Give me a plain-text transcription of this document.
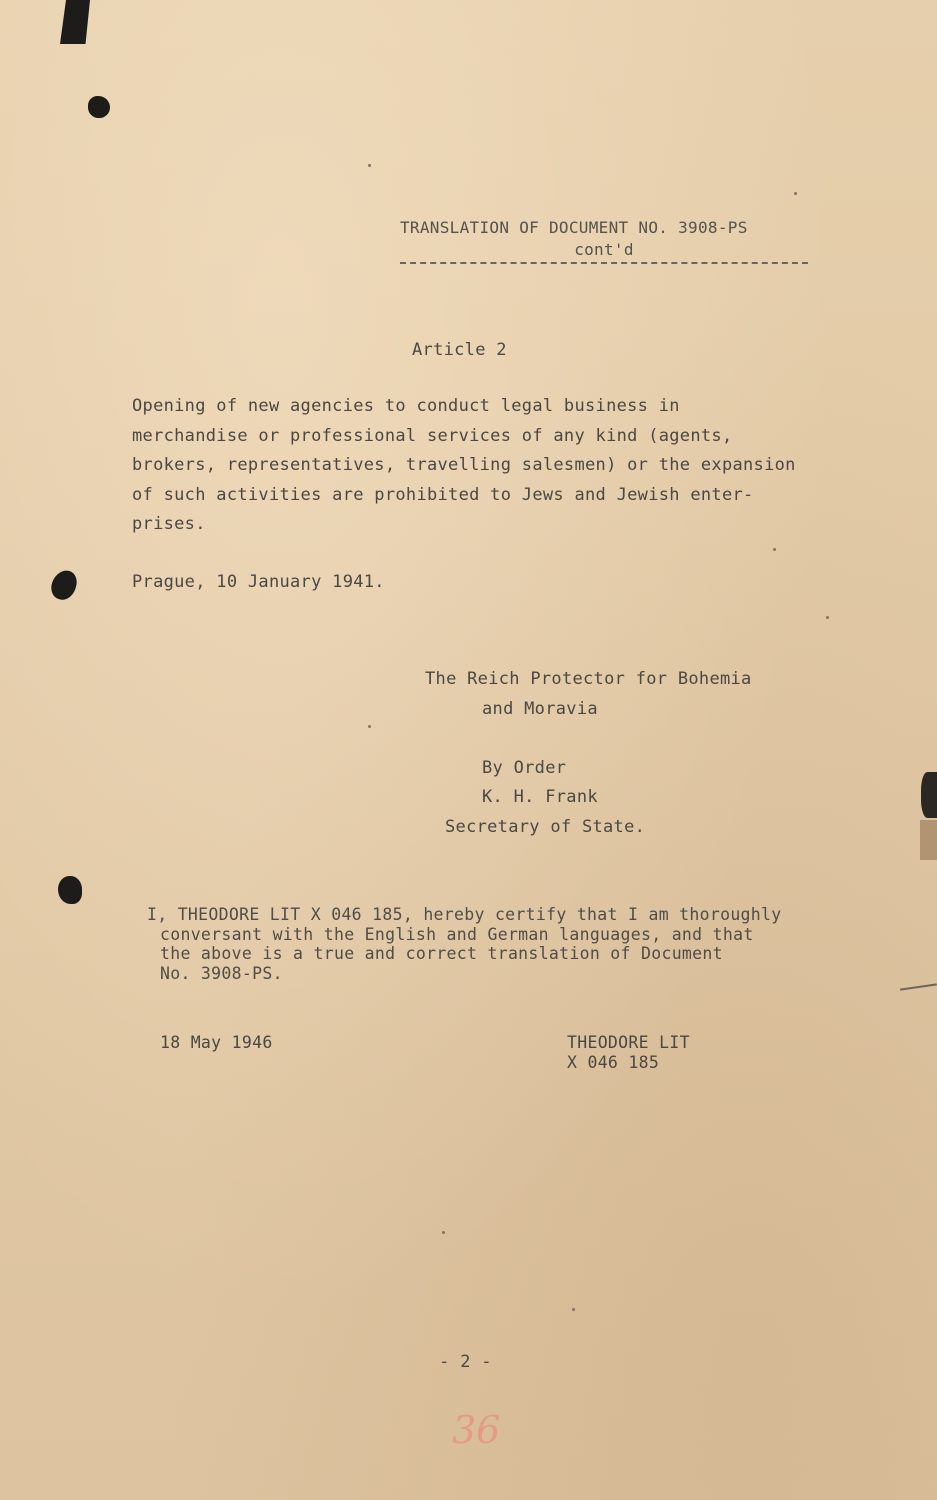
TRANSLATION OF DOCUMENT NO. 3908-PS
cont'd
Article 2
Opening of new agencies to conduct legal business in
merchandise or professional services of any kind (agents,
brokers, representatives, travelling salesmen) or the expansion
of such activities are prohibited to Jews and Jewish enter-
prises.
Prague, 10 January 1941.
The Reich Protector for Bohemia
and Moravia
By Order
K. H. Frank
Secretary of State.
I, THEODORE LIT X 046 185, hereby certify that I am thoroughly
conversant with the English and German languages, and that
the above is a true and correct translation of Document
No. 3908-PS.
18 May 1946	THEODORE LIT
X 046 185
- 2 -
36
